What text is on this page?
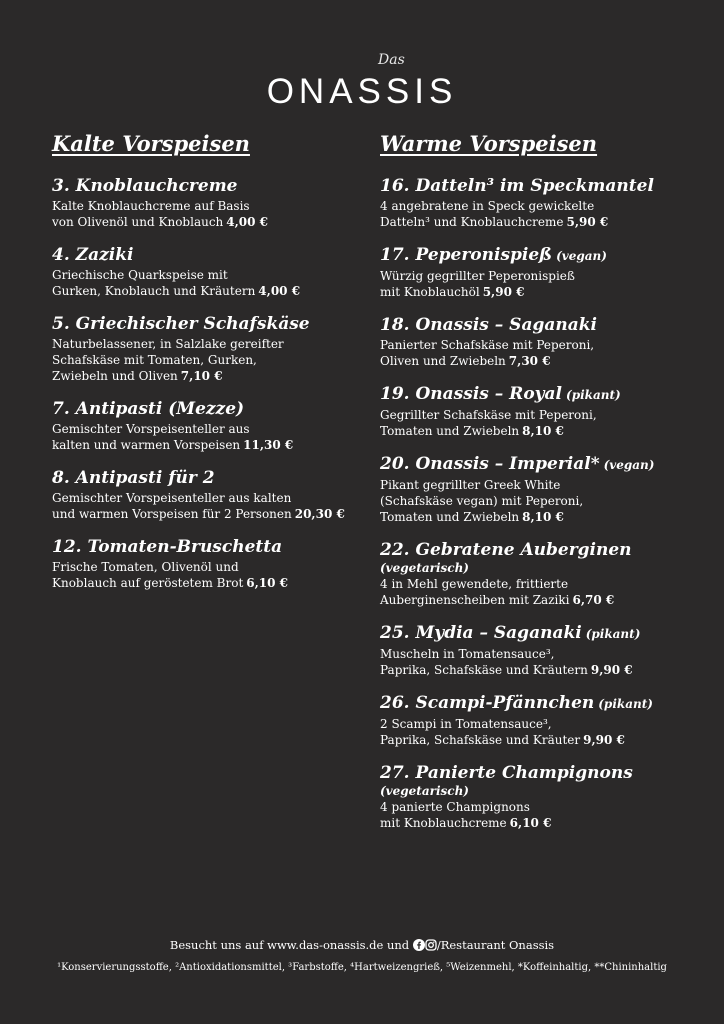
Das
ONASSIS
Kalte Vorspeisen
3. Knoblauchcreme
Kalte Knoblauchcreme auf Basis
von Olivenöl und Knoblauch 4,00 €
4. Zaziki
Griechische Quarkspeise mit
Gurken, Knoblauch und Kräutern 4,00 €
5. Griechischer Schafskäse
Naturbelassener, in Salzlake gereifter
Schafskäse mit Tomaten, Gurken,
Zwiebeln und Oliven 7,10 €
7. Antipasti (Mezze)
Gemischter Vorspeisenteller aus
kalten und warmen Vorspeisen 11,30 €
8. Antipasti für 2
Gemischter Vorspeisenteller aus kalten
und warmen Vorspeisen für 2 Personen 20,30 €
12. Tomaten-Bruschetta
Frische Tomaten, Olivenöl und
Knoblauch auf geröstetem Brot 6,10 €
Warme Vorspeisen
16. Datteln³ im Speckmantel
4 angebratene in Speck gewickelte
Datteln³ und Knoblauchcreme 5,90 €
17. Peperonispieß (vegan)
Würzig gegrillter Peperonispieß
mit Knoblauchöl 5,90 €
18. Onassis – Saganaki
Panierter Schafskäse mit Peperoni,
Oliven und Zwiebeln 7,30 €
19. Onassis – Royal (pikant)
Gegrillter Schafskäse mit Peperoni,
Tomaten und Zwiebeln 8,10 €
20. Onassis – Imperial* (vegan)
Pikant gegrillter Greek White
(Schafskäse vegan) mit Peperoni,
Tomaten und Zwiebeln 8,10 €
22. Gebratene Auberginen
(vegetarisch)
4 in Mehl gewendete, frittierte
Auberginenscheiben mit Zaziki 6,70 €
25. Mydia – Saganaki (pikant)
Muscheln in Tomatensauce³,
Paprika, Schafskäse und Kräutern 9,90 €
26. Scampi-Pfännchen (pikant)
2 Scampi in Tomatensauce³,
Paprika, Schafskäse und Kräuter 9,90 €
27. Panierte Champignons
(vegetarisch)
4 panierte Champignons
mit Knoblauchcreme 6,10 €
Besucht uns auf www.das-onassis.de und /Restaurant Onassis
¹Konservierungsstoffe, ²Antioxidationsmittel, ³Farbstoffe, ⁴Hartweizengrieß, ⁵Weizenmehl, *Koffeinhaltig, **Chininhaltig
